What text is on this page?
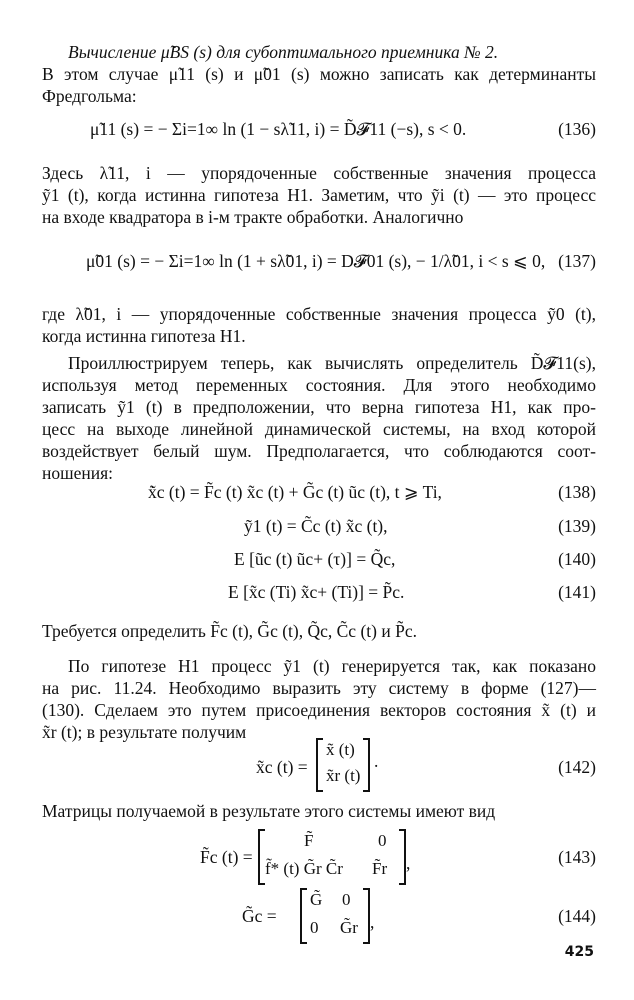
Вычисление μ̃BS (s) для субоптимального приемника № 2.
В этом случае μ̃11 (s) и μ̃01 (s) можно записать как детерминанты
Фредгольма:
μ̃11 (s) = − Σi=1∞ ln (1 − sλ̃11, i) = D̃𝓕11 (−s), s < 0.	(136)
Здесь λ̃11, i — упорядоченные собственные значения процесса
ỹ1 (t), когда истинна гипотеза H1. Заметим, что ỹi (t) — это процесс
на входе квадратора в i-м тракте обработки. Аналогично
μ̃01 (s) = − Σi=1∞ ln (1 + sλ̃01, i) = D𝓕01 (s), − 1/λ̃01, i < s ⩽ 0, (137)
где λ̃01, i — упорядоченные собственные значения процесса ỹ0 (t),
когда истинна гипотеза H1.
Проиллюстрируем теперь, как вычислять определитель D̃𝓕11(s),
используя метод переменных состояния. Для этого необходимо
записать ỹ1 (t) в предположении, что верна гипотеза H1, как про-
цесс на выходе линейной динамической системы, на вход которой
воздействует белый шум. Предполагается, что соблюдаются соот-
ношения:
x̃̇c (t) = F̃c (t) x̃c (t) + G̃c (t) ũc (t), t ⩾ Ti,	(138)
ỹ1 (t) = C̃c (t) x̃c (t),	(139)
E [ũc (t) ũc+ (τ)] = Q̃c,	(140)
E [x̃c (Ti) x̃c+ (Ti)] = P̃c.	(141)
Требуется определить F̃c (t), G̃c (t), Q̃c, C̃c (t) и P̃c.
По гипотезе H1 процесс ỹ1 (t) генерируется так, как показано
на рис. 11.24. Необходимо выразить эту систему в форме (127)—
(130). Сделаем это путем присоединения векторов состояния x̃ (t) и
x̃r (t); в результате получим
x̃c (t) =
x̃ (t)
x̃r (t)
.	(142)
Матрицы получаемой в результате этого системы имеют вид
F̃c (t) =
F̃	0
f̃* (t) G̃r C̃r F̃r ,	(143)
G̃c =
G̃ 0
0 G̃r ,	(144)
425
